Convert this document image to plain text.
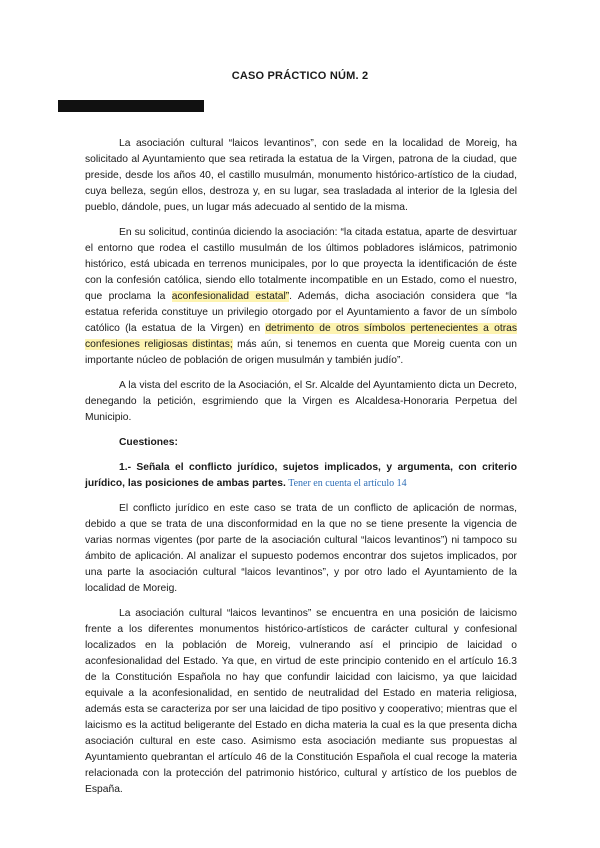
CASO PRÁCTICO NÚM. 2

La asociación cultural “laicos levantinos”, con sede en la localidad de Moreig, ha solicitado al Ayuntamiento que sea retirada la estatua de la Virgen, patrona de la ciudad, que preside, desde los años 40, el castillo musulmán, monumento histórico-artístico de la ciudad, cuya belleza, según ellos, destroza y, en su lugar, sea trasladada al interior de la Iglesia del pueblo, dándole, pues, un lugar más adecuado al sentido de la misma.

En su solicitud, continúa diciendo la asociación: “la citada estatua, aparte de desvirtuar el entorno que rodea el castillo musulmán de los últimos pobladores islámicos, patrimonio histórico, está ubicada en terrenos municipales, por lo que proyecta la identificación de éste con la confesión católica, siendo ello totalmente incompatible en un Estado, como el nuestro, que proclama la aconfesionalidad estatal”. Además, dicha asociación considera que “la estatua referida constituye un privilegio otorgado por el Ayuntamiento a favor de un símbolo católico (la estatua de la Virgen) en detrimento de otros símbolos pertenecientes a otras confesiones religiosas distintas; más aún, si tenemos en cuenta que Moreig cuenta con un importante núcleo de población de origen musulmán y también judío”.

A la vista del escrito de la Asociación, el Sr. Alcalde del Ayuntamiento dicta un Decreto, denegando la petición, esgrimiendo que la Virgen es Alcaldesa-Honoraria Perpetua del Municipio.

Cuestiones:

1.- Señala el conflicto jurídico, sujetos implicados, y argumenta, con criterio jurídico, las posiciones de ambas partes. Tener en cuenta el artículo 14

El conflicto jurídico en este caso se trata de un conflicto de aplicación de normas, debido a que se trata de una disconformidad en la que no se tiene presente la vigencia de varias normas vigentes (por parte de la asociación cultural “laicos levantinos”) ni tampoco su ámbito de aplicación. Al analizar el supuesto podemos encontrar dos sujetos implicados, por una parte la asociación cultural “laicos levantinos”, y por otro lado el Ayuntamiento de la localidad de Moreig.

La asociación cultural “laicos levantinos” se encuentra en una posición de laicismo frente a los diferentes monumentos histórico-artísticos de carácter cultural y confesional localizados en la población de Moreig, vulnerando así el principio de laicidad o aconfesionalidad del Estado. Ya que, en virtud de este principio contenido en el artículo 16.3 de la Constitución Española no hay que confundir laicidad con laicismo, ya que laicidad equivale a la aconfesionalidad, en sentido de neutralidad del Estado en materia religiosa, además esta se caracteriza por ser una laicidad de tipo positivo y cooperativo; mientras que el laicismo es la actitud beligerante del Estado en dicha materia la cual es la que presenta dicha asociación cultural en este caso. Asimismo esta asociación mediante sus propuestas al Ayuntamiento quebrantan el artículo 46 de la Constitución Española el cual recoge la materia relacionada con la protección del patrimonio histórico, cultural y artístico de los pueblos de España.
